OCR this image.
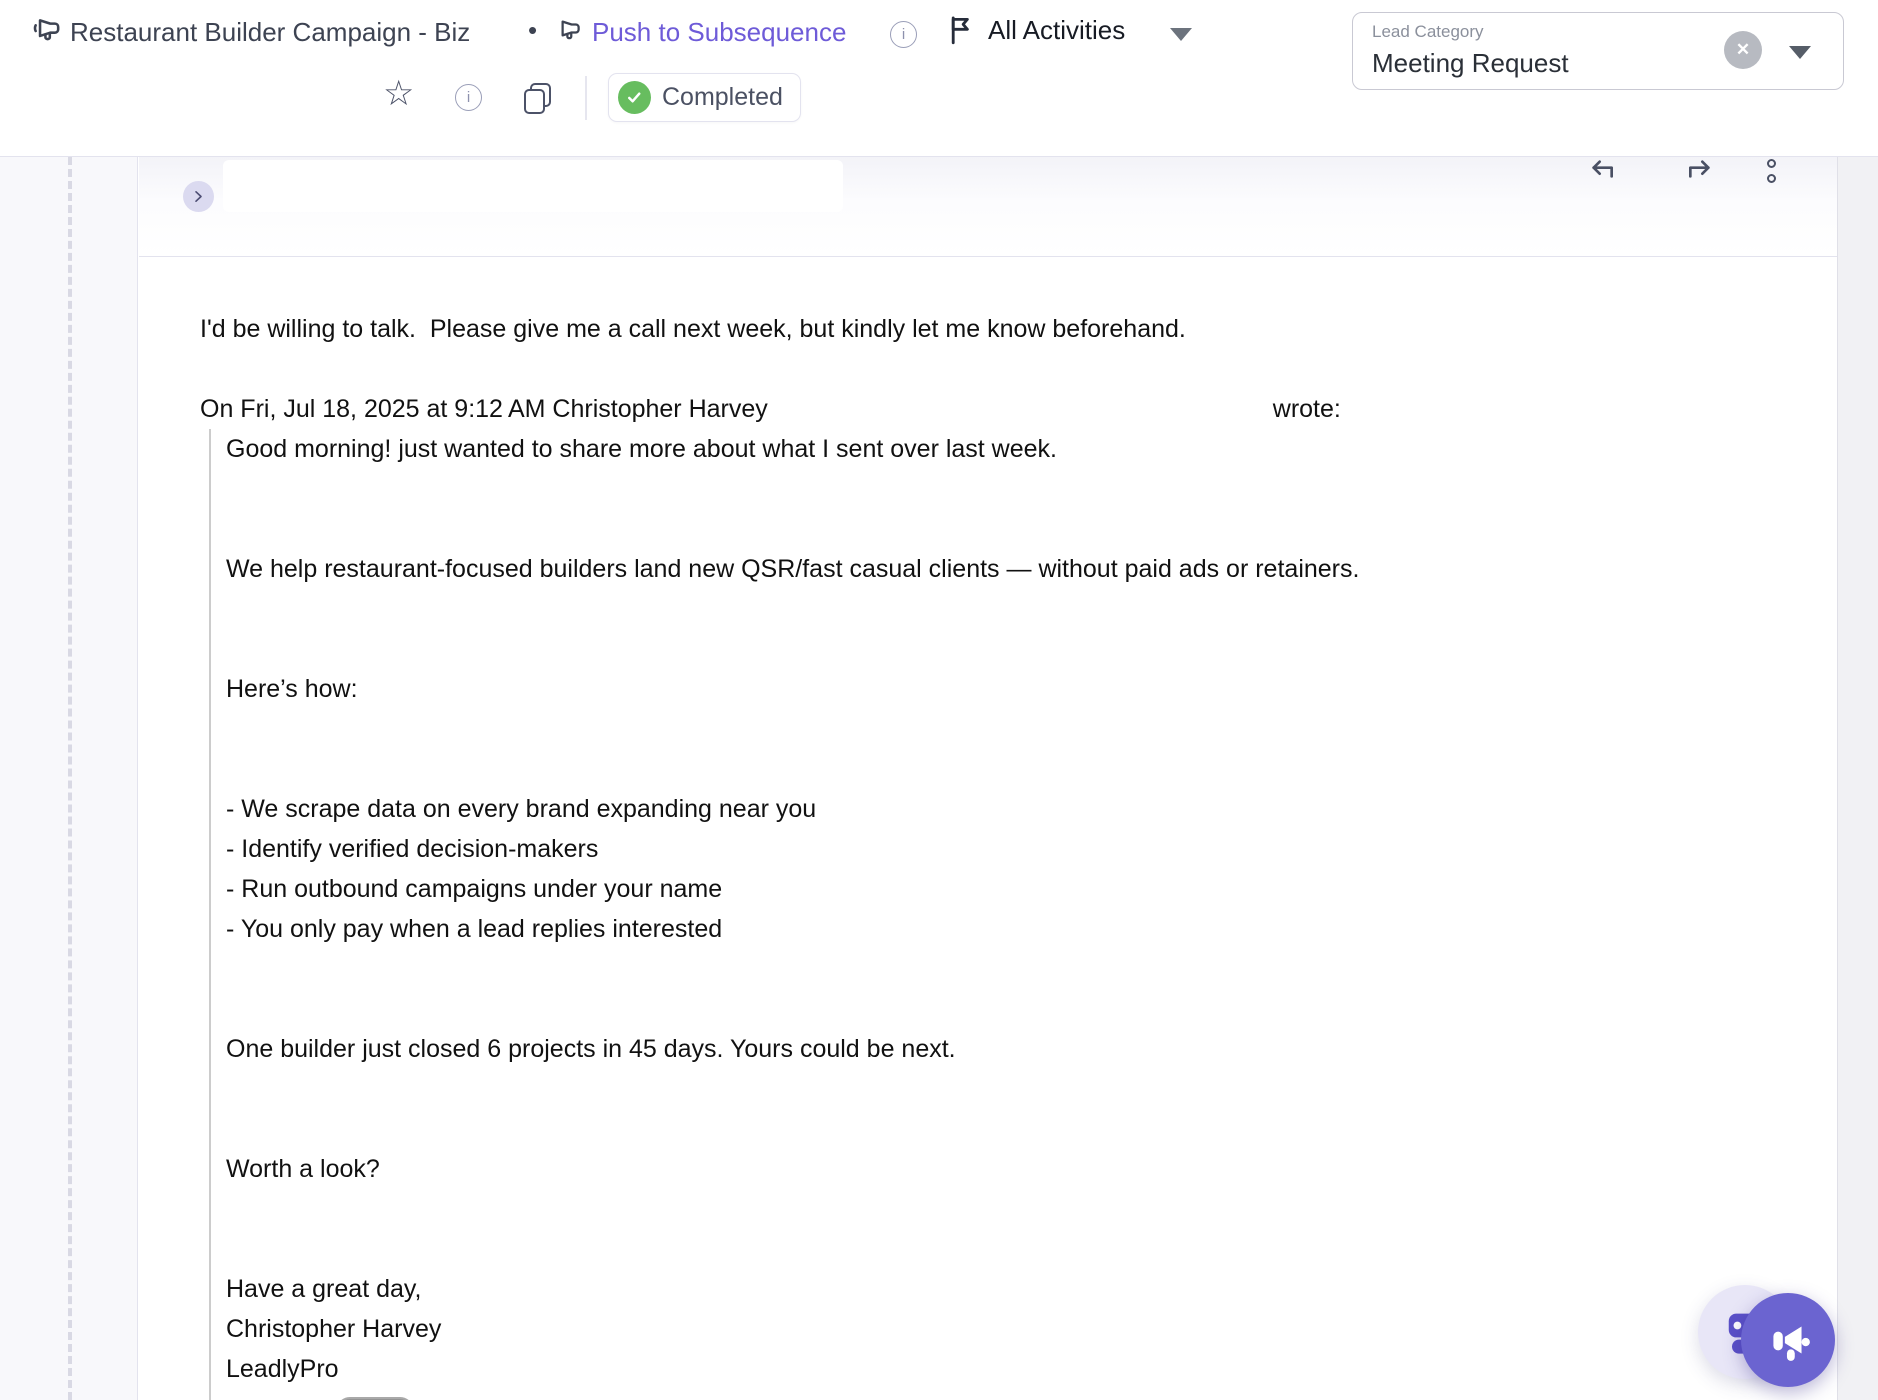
Restaurant Builder Campaign - Biz • Push to Subsequence	i	All Activities	Lead Category
Meeting Request	✕
☆	i	Completed

I'd be willing to talk.  Please give me a call next week, but kindly let me know beforehand.

On Fri, Jul 18, 2025 at 9:12 AM Christopher Harvey	wrote:

Good morning! just wanted to share more about what I sent over last week.

We help restaurant-focused builders land new QSR/fast casual clients — without paid ads or retainers.

Here’s how:

- We scrape data on every brand expanding near you
- Identify verified decision-makers
- Run outbound campaigns under your name
- You only pay when a lead replies interested

One builder just closed 6 projects in 45 days. Yours could be next.

Worth a look?

Have a great day,
Christopher Harvey
LeadlyPro
